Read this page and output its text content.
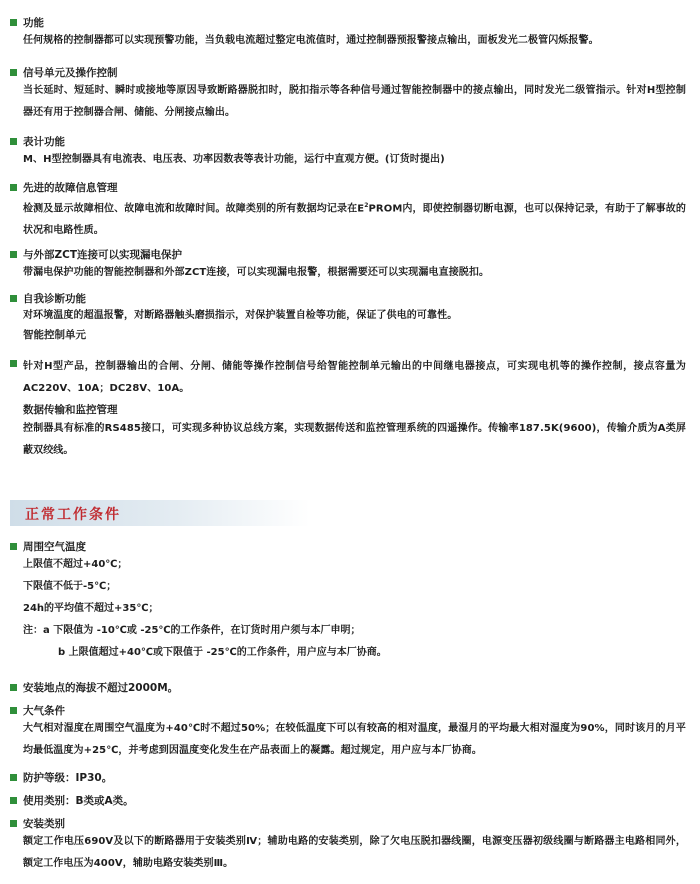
功能
任何规格的控制器都可以实现预警功能，当负载电流超过整定电流值时，通过控制器预报警接点输出，面板发光二极管闪烁报警。
信号单元及操作控制
当长延时、短延时、瞬时或接地等原因导致断路器脱扣时，脱扣指示等各种信号通过智能控制器中的接点输出，同时发光二级管指示。针对H型控制器还有用于控制器合闸、储能、分闸接点输出。
表计功能
M、H型控制器具有电流表、电压表、功率因数表等表计功能，运行中直观方便。(订货时提出)
先进的故障信息管理
检测及显示故障相位、故障电流和故障时间。故障类别的所有数据均记录在$E^2PROM$内，即使控制器切断电源，也可以保持记录，有助于了解事故的状况和电路性质。
与外部ZCT连接可以实现漏电保护
带漏电保护功能的智能控制器和外部ZCT连接，可以实现漏电报警，根据需要还可以实现漏电直接脱扣。
自我诊断功能
对环境温度的超温报警，对断路器触头磨损指示，对保护装置自检等功能，保证了供电的可靠性。
智能控制单元
针对H型产品，控制器输出的合闸、分闸、储能等操作控制信号给智能控制单元输出的中间继电器接点，可实现电机等的操作控制，接点容量为AC220V、10A；DC28V、10A。
数据传输和监控管理
控制器具有标准的RS485接口，可实现多种协议总线方案，实现数据传送和监控管理系统的四遥操作。传输率187.5K(9600)，传输介质为A类屏蔽双绞线。
正常工作条件
周围空气温度
上限值不超过+40℃；
下限值不低于-5℃；
24h的平均值不超过+35℃；
注：a 下限值为 -10℃或 -25℃的工作条件，在订货时用户须与本厂申明；
b 上限值超过+40℃或下限值于 -25℃的工作条件，用户应与本厂协商。
安装地点的海拔不超过2000M。
大气条件
大气相对湿度在周围空气温度为+40℃时不超过50%；在较低温度下可以有较高的相对温度，最湿月的平均最大相对湿度为90%，同时该月的月平均最低温度为+25℃，并考虑到因温度变化发生在产品表面上的凝露。超过规定，用户应与本厂协商。
防护等级：IP30。
使用类别：B类或A类。
安装类别
额定工作电压690V及以下的断路器用于安装类别Ⅳ；辅助电路的安装类别，除了欠电压脱扣器线圈，电源变压器初级线圈与断路器主电路相同外，额定工作电压为400V，辅助电路安装类别Ⅲ。
